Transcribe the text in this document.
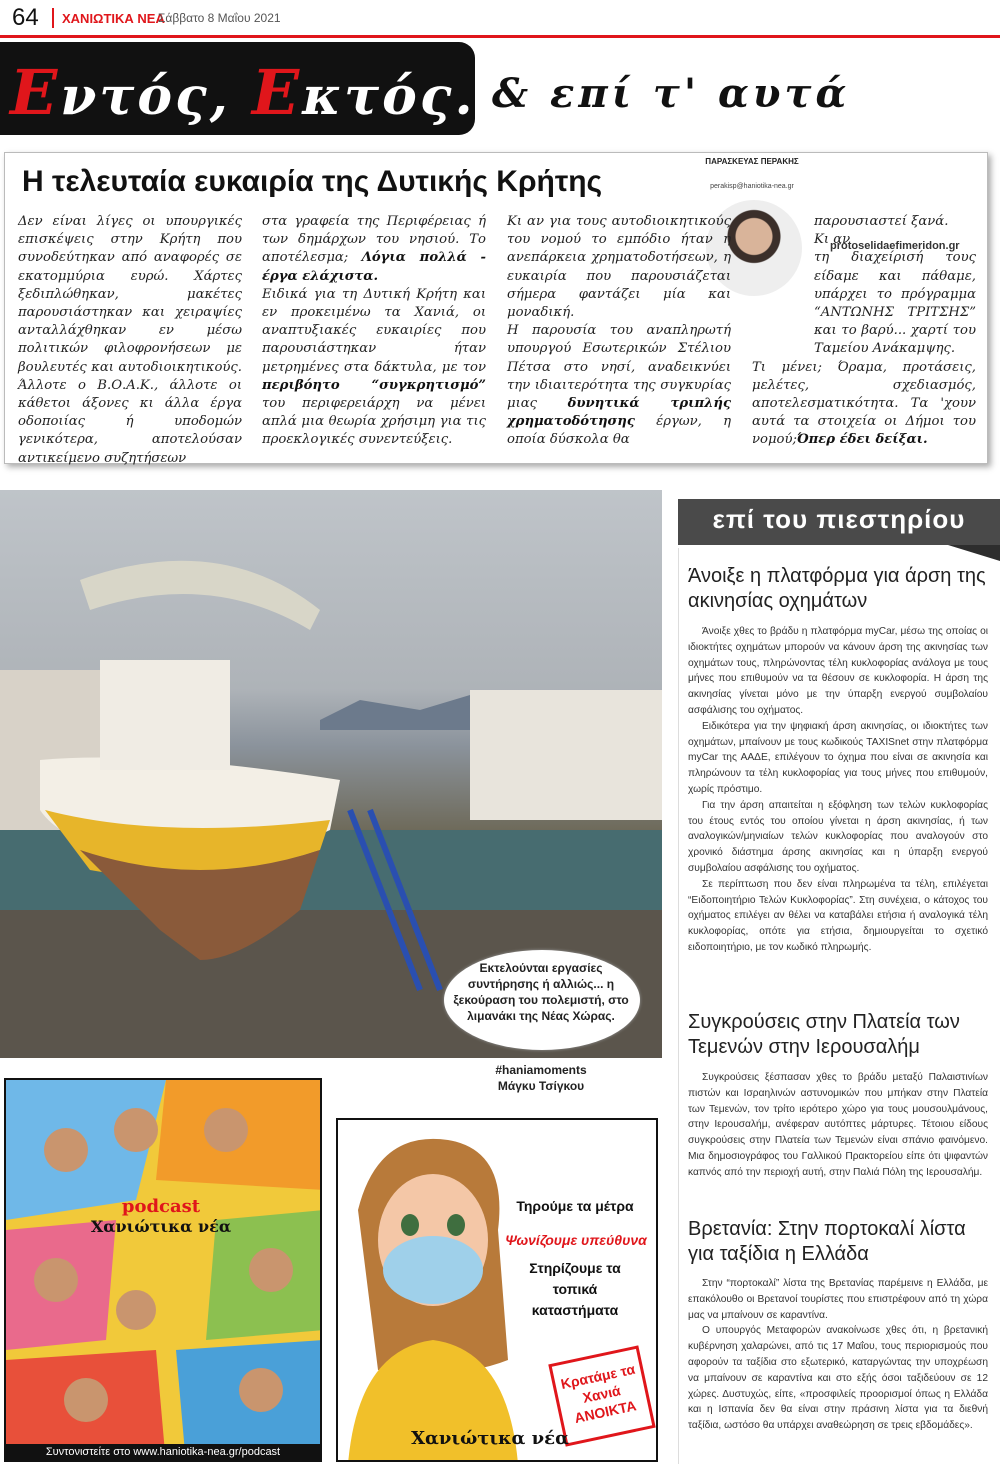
64 ΧΑΝΙΩΤΙΚΑ ΝΕΑ
Σάββατο 8 Μαΐου 2021
Εντός, Εκτός...
& επί τ' αυτά
Η τελευταία ευκαιρία της Δυτικής Κρήτης
ΠΑΡΑΣΚΕΥΑΣ ΠΕΡΑΚΗΣ
perakisp@haniotika-nea.gr
Δεν είναι λίγες οι υπουργικές επισκέψεις στην Κρήτη που συνοδεύτηκαν από αναφορές σε εκατομμύρια ευρώ. Χάρτες ξεδιπλώθηκαν, μακέτες παρουσιάστηκαν και χειραψίες ανταλλάχθηκαν εν μέσω πολιτικών φιλοφρονήσεων με βουλευτές και αυτοδιοικητικούς. Άλλοτε ο Β.Ο.Α.Κ., άλλοτε οι κάθετοι άξονες κι άλλα έργα οδοποιίας ή υποδομών γενικότερα, αποτελούσαν αντικείμενο συζητήσεων
στα γραφεία της Περιφέρειας ή των δημάρχων του νησιού. Το αποτέλεσμα; Λόγια πολλά - έργα ελάχιστα.
Ειδικά για τη Δυτική Κρήτη και εν προκειμένω τα Χανιά, οι αναπτυξιακές ευκαιρίες που παρουσιάστηκαν ήταν μετρημένες στα δάκτυλα, με τον περιβόητο “συγκρητισμό” του περιφερειάρχη να μένει απλά μια θεωρία χρήσιμη για τις προεκλογικές συνεντεύξεις.
Κι αν για τους αυτοδιοικητικούς του νομού το εμπόδιο ήταν η ανεπάρκεια χρηματοδοτήσεων, η ευκαιρία που παρουσιάζεται σήμερα φαντάζει μία και μοναδική.
Η παρουσία του αναπληρωτή υπουργού Εσωτερικών Στέλιου Πέτσα στο νησί, αναδεικνύει την ιδιαιτερότητα της συγκυρίας μιας δυνητικά τριπλής χρηματοδότησης έργων, η οποία δύσκολα θα
παρουσιαστεί ξανά.
Κι αν
τη διαχείρισή τους είδαμε και πάθαμε, υπάρχει το πρόγραμμα “ΑΝΤΩΝΗΣ ΤΡΙΤΣΗΣ” και το βαρύ... χαρτί του Ταμείου Ανάκαμψης.
Τι μένει; Όραμα, προτάσεις, μελέτες, σχεδιασμός, αποτελεσματικότητα. Τα 'χουν αυτά τα στοιχεία οι Δήμοι του νομού;Όπερ έδει δείξαι.
protoselidaefimeridon.gr
Εκτελούνται εργασίες συντήρησης ή αλλιώς... η ξεκούραση του πολεμιστή, στο λιμανάκι της Νέας Χώρας.
#haniamoments
Μάγκυ Τσίγκου
podcast
Χανιώτικα νέα
Συντονιστείτε στο www.haniotika-nea.gr/podcast
Τηρούμε τα μέτρα
Ψωνίζουμε υπεύθυνα
Στηρίζουμε τα τοπικά καταστήματα
Κρατάμε τα Χανιά ΑΝΟΙΚΤΑ
Χανιώτικα νέα
επί του πιεστηρίου
Άνοιξε η πλατφόρμα για άρση της ακινησίας οχημάτων
Άνοιξε χθες το βράδυ η πλατφόρμα myCar, μέσω της οποίας οι ιδιοκτήτες οχημάτων μπορούν να κάνουν άρση της ακινησίας των οχημάτων τους, πληρώνοντας τέλη κυκλοφορίας ανάλογα με τους μήνες που επιθυμούν να τα θέσουν σε κυκλοφορία. Η άρση της ακινησίας γίνεται μόνο με την ύπαρξη ενεργού συμβολαίου ασφάλισης του οχήματος.
Ειδικότερα για την ψηφιακή άρση ακινησίας, οι ιδιοκτήτες των οχημάτων, μπαίνουν με τους κωδικούς TAXISnet στην πλατφόρμα myCar της ΑΑΔΕ, επιλέγουν το όχημα που είναι σε ακινησία και πληρώνουν τα τέλη κυκλοφορίας για τους μήνες που επιθυμούν, χωρίς πρόστιμο.
Για την άρση απαιτείται η εξόφληση των τελών κυκλοφορίας του έτους εντός του οποίου γίνεται η άρση ακινησίας, ή των αναλογικών/μηνιαίων τελών κυκλοφορίας που αναλογούν στο χρονικό διάστημα άρσης ακινησίας και η ύπαρξη ενεργού συμβολαίου ασφάλισης του οχήματος.
Σε περίπτωση που δεν είναι πληρωμένα τα τέλη, επιλέγεται “Ειδοποιητήριο Τελών Κυκλοφορίας”. Στη συνέχεια, ο κάτοχος του οχήματος επιλέγει αν θέλει να καταβάλει ετήσια ή αναλογικά τέλη κυκλοφορίας, οπότε για ετήσια, δημιουργείται το σχετικό ειδοποιητήριο, με τον κωδικό πληρωμής.
Συγκρούσεις στην Πλατεία των Τεμενών στην Ιερουσαλήμ
Συγκρούσεις ξέσπασαν χθες το βράδυ μεταξύ Παλαιστινίων πιστών και Ισραηλινών αστυνομικών που μπήκαν στην Πλατεία των Τεμενών, τον τρίτο ιερότερο χώρο για τους μουσουλμάνους, στην Ιερουσαλήμ, ανέφεραν αυτόπτες μάρτυρες. Τέτοιου είδους συγκρούσεις στην Πλατεία των Τεμενών είναι σπάνιο φαινόμενο. Μια δημοσιογράφος του Γαλλικού Πρακτορείου είπε ότι ψιφαντών καπνός από την περιοχή αυτή, στην Παλιά Πόλη της Ιερουσαλήμ.
Βρετανία: Στην πορτοκαλί λίστα για ταξίδια η Ελλάδα
Στην “πορτοκαλί” λίστα της Βρετανίας παρέμεινε η Ελλάδα, με επακόλουθο οι Βρετανοί τουρίστες που επιστρέφουν από τη χώρα μας να μπαίνουν σε καραντίνα.
Ο υπουργός Μεταφορών ανακοίνωσε χθες ότι, η βρετανική κυβέρνηση χαλαρώνει, από τις 17 Μαΐου, τους περιορισμούς που αφορούν τα ταξίδια στο εξωτερικό, καταργώντας την υποχρέωση να μπαίνουν σε καραντίνα και στο εξής όσοι ταξιδεύουν σε 12 χώρες. Δυστυχώς, είπε, «προσφιλείς προορισμοί όπως η Ελλάδα και η Ισπανία δεν θα είναι στην πράσινη λίστα για τα διεθνή ταξίδια, ωστόσο θα υπάρχει αναθεώρηση σε τρεις εβδομάδες».
